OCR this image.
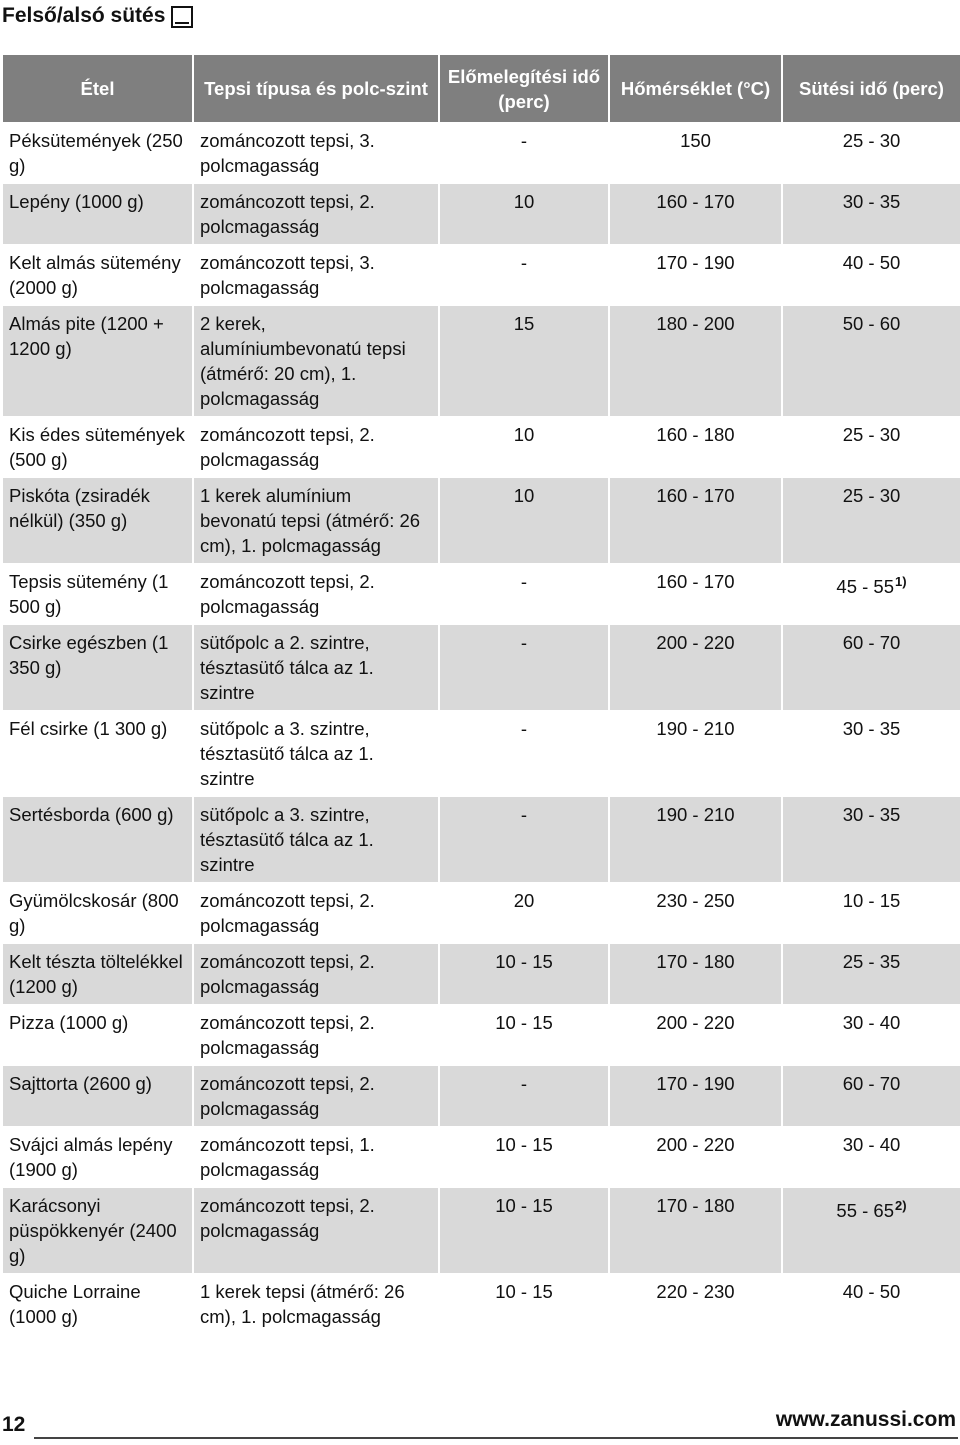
Felső/alsó sütés
Étel	Tepsi típusa és polc-szint	Előmelegítési idő (perc)	Hőmérséklet (°C)	Sütési idő (perc)
Péksütemények (250 g)	zománcozott tepsi, 3. polcmagasság	-	150	25 - 30
Lepény (1000 g)	zománcozott tepsi, 2. polcmagasság	10	160 - 170	30 - 35
Kelt almás sütemény (2000 g)	zománcozott tepsi, 3. polcmagasság	-	170 - 190	40 - 50
Almás pite (1200 + 1200 g)	2 kerek, alumíniumbevonatú tepsi (átmérő: 20 cm), 1. polcmagasság	15	180 - 200	50 - 60
Kis édes sütemények (500 g)	zománcozott tepsi, 2. polcmagasság	10	160 - 180	25 - 30
Piskóta (zsiradék nélkül) (350 g)	1 kerek alumínium bevonatú tepsi (átmérő: 26 cm), 1. polcmagasság	10	160 - 170	25 - 30
Tepsis sütemény (1 500 g)	zománcozott tepsi, 2. polcmagasság	-	160 - 170	45 - 55$^{1)}$
Csirke egészben (1 350 g)	sütőpolc a 2. szintre, tésztasütő tálca az 1. szintre	-	200 - 220	60 - 70
Fél csirke (1 300 g)	sütőpolc a 3. szintre, tésztasütő tálca az 1. szintre	-	190 - 210	30 - 35
Sertésborda (600 g)	sütőpolc a 3. szintre, tésztasütő tálca az 1. szintre	-	190 - 210	30 - 35
Gyümölcskosár (800 g)	zománcozott tepsi, 2. polcmagasság	20	230 - 250	10 - 15
Kelt tészta töltelékkel (1200 g)	zománcozott tepsi, 2. polcmagasság	10 - 15	170 - 180	25 - 35
Pizza (1000 g)	zománcozott tepsi, 2. polcmagasság	10 - 15	200 - 220	30 - 40
Sajttorta (2600 g)	zománcozott tepsi, 2. polcmagasság	-	170 - 190	60 - 70
Svájci almás lepény (1900 g)	zománcozott tepsi, 1. polcmagasság	10 - 15	200 - 220	30 - 40
Karácsonyi püspökkenyér (2400 g)	zománcozott tepsi, 2. polcmagasság	10 - 15	170 - 180	55 - 65$^{2)}$
Quiche Lorraine (1000 g)	1 kerek tepsi (átmérő: 26 cm), 1. polcmagasság	10 - 15	220 - 230	40 - 50
12	www.zanussi.com
